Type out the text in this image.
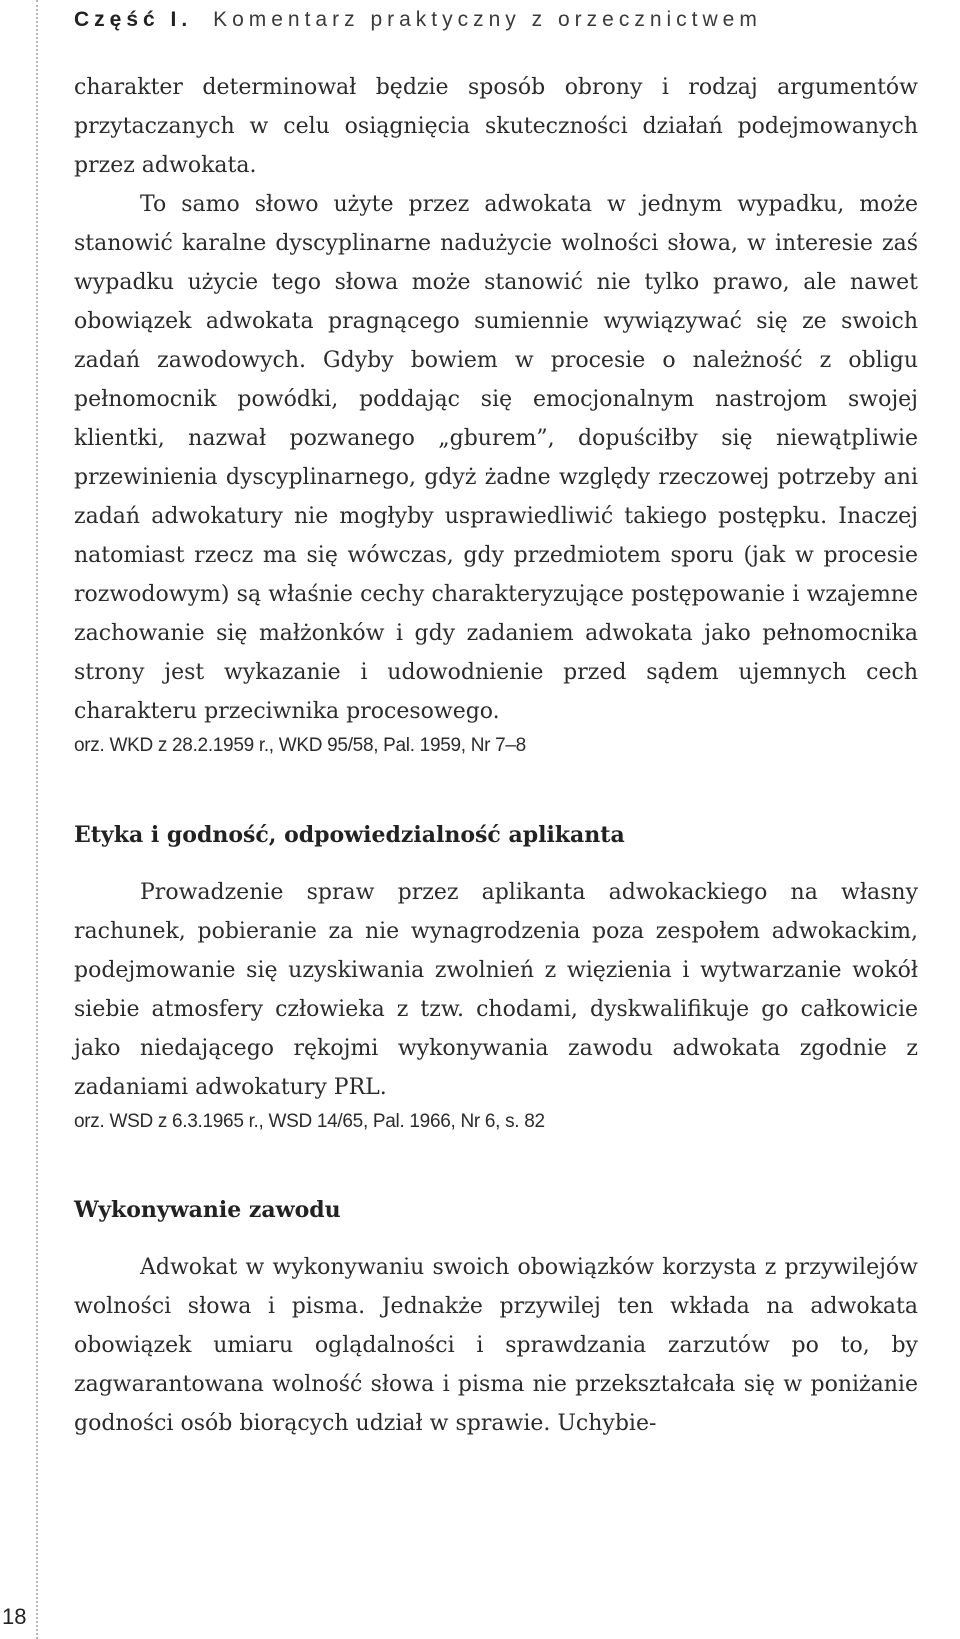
Część I. Komentarz praktyczny z orzecznictwem

charakter determinował będzie sposób obrony i rodzaj argumentów przytaczanych w celu osiągnięcia skuteczności działań podejmowanych przez adwokata.

To samo słowo użyte przez adwokata w jednym wypadku, może stanowić karalne dyscyplinarne nadużycie wolności słowa, w interesie zaś wypadku użycie tego słowa może stanowić nie tylko prawo, ale nawet obowiązek adwokata pragnącego sumiennie wywiązywać się ze swoich zadań zawodowych. Gdyby bowiem w procesie o należność z obligu pełnomocnik powódki, poddając się emocjonalnym nastrojom swojej klientki, nazwał pozwanego „gburem”, dopuściłby się niewątpliwie przewinienia dyscyplinarnego, gdyż żadne względy rzeczowej potrzeby ani zadań adwokatury nie mogłyby usprawiedliwić takiego postępku. Inaczej natomiast rzecz ma się wówczas, gdy przedmiotem sporu (jak w procesie rozwodowym) są właśnie cechy charakteryzujące postępowanie i wzajemne zachowanie się małżonków i gdy zadaniem adwokata jako pełnomocnika strony jest wykazanie i udowodnienie przed sądem ujemnych cech charakteru przeciwnika procesowego.

orz. WKD z 28.2.1959 r., WKD 95/58, Pal. 1959, Nr 7–8

Etyka i godność, odpowiedzialność aplikanta

Prowadzenie spraw przez aplikanta adwokackiego na własny rachunek, pobieranie za nie wynagrodzenia poza zespołem adwokackim, podejmowanie się uzyskiwania zwolnień z więzienia i wytwarzanie wokół siebie atmosfery człowieka z tzw. chodami, dyskwalifikuje go całkowicie jako niedającego rękojmi wykonywania zawodu adwokata zgodnie z zadaniami adwokatury PRL.

orz. WSD z 6.3.1965 r., WSD 14/65, Pal. 1966, Nr 6, s. 82

Wykonywanie zawodu

Adwokat w wykonywaniu swoich obowiązków korzysta z przywilejów wolności słowa i pisma. Jednakże przywilej ten wkłada na adwokata obowiązek umiaru oglądalności i sprawdzania zarzutów po to, by zagwarantowana wolność słowa i pisma nie przekształcała się w poniżanie godności osób biorących udział w sprawie. Uchybie-

18
